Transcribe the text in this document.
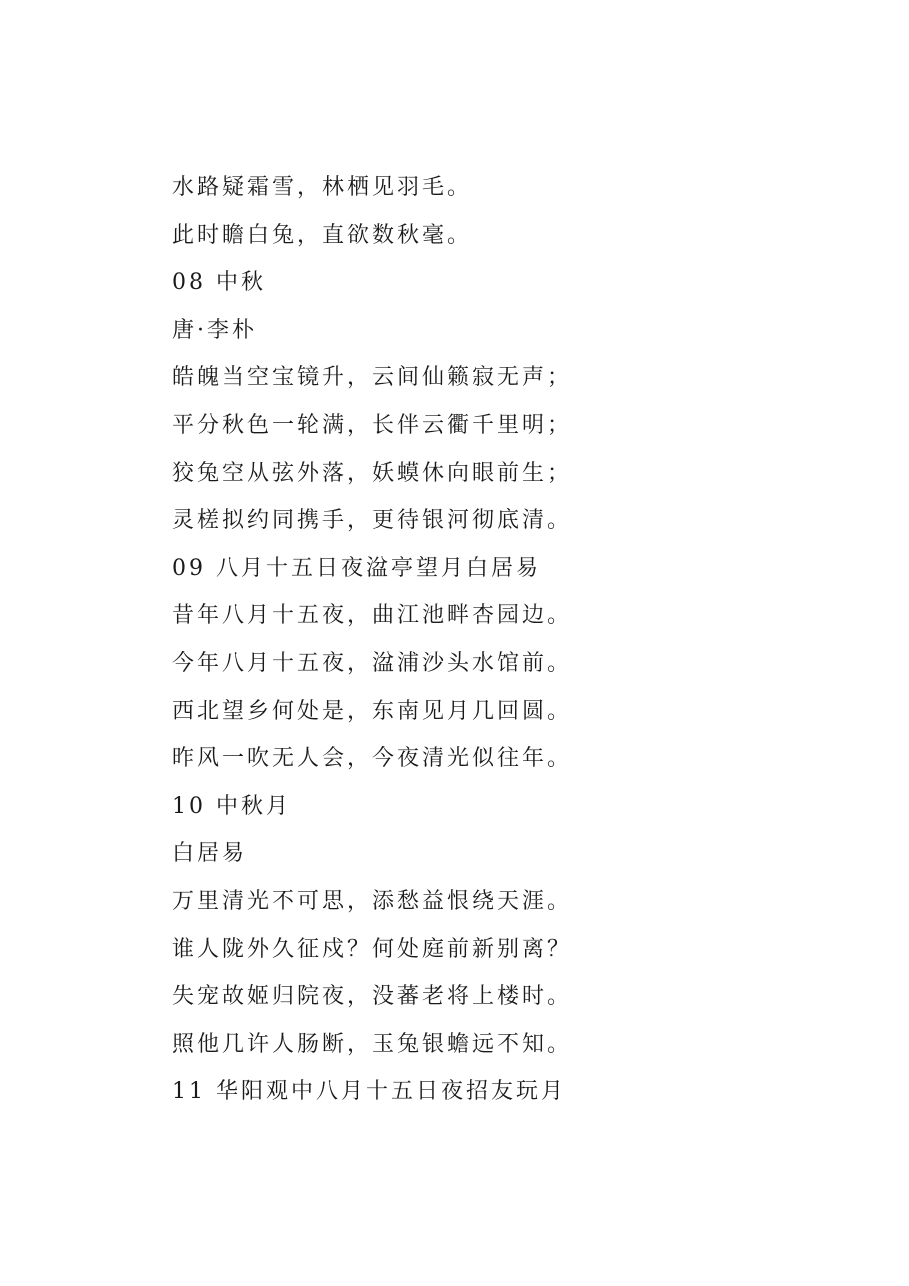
水路疑霜雪，林栖见羽毛。
此时瞻白兔，直欲数秋毫。
08 中秋
唐·李朴
皓魄当空宝镜升，云间仙籁寂无声；
平分秋色一轮满，长伴云衢千里明；
狡兔空从弦外落，妖蟆休向眼前生；
灵槎拟约同携手，更待银河彻底清。
09 八月十五日夜湓亭望月白居易
昔年八月十五夜，曲江池畔杏园边。
今年八月十五夜，湓浦沙头水馆前。
西北望乡何处是，东南见月几回圆。
昨风一吹无人会，今夜清光似往年。
10 中秋月
白居易
万里清光不可思，添愁益恨绕天涯。
谁人陇外久征戍？何处庭前新别离？
失宠故姬归院夜，没蕃老将上楼时。
照他几许人肠断，玉兔银蟾远不知。
11 华阳观中八月十五日夜招友玩月
